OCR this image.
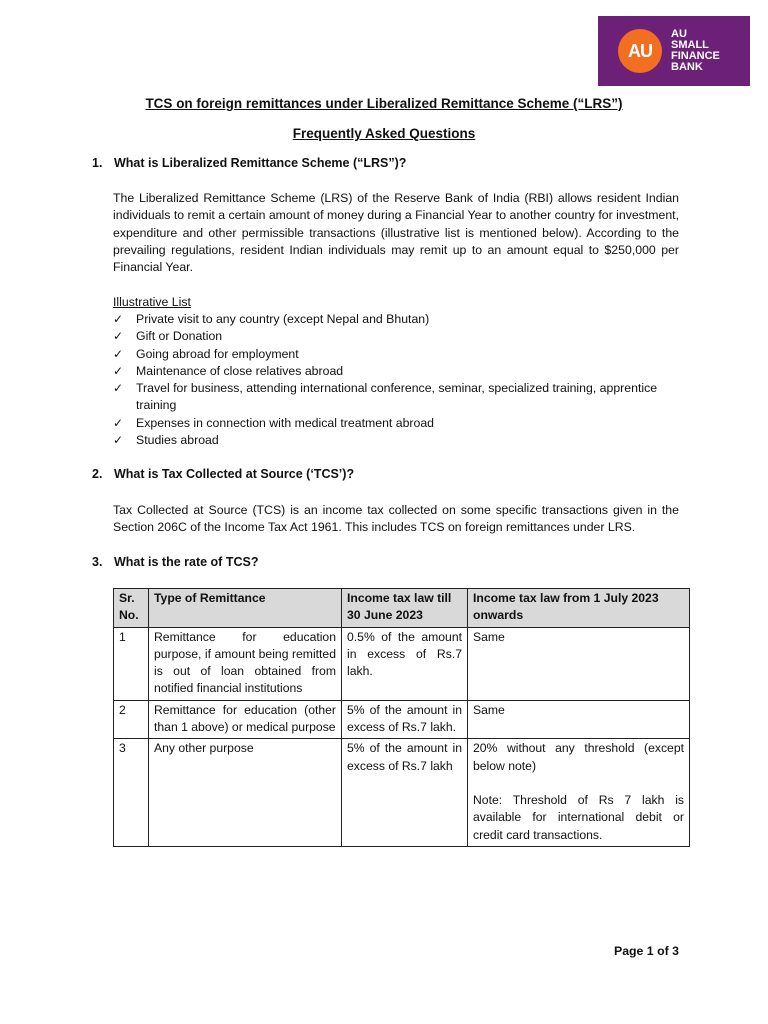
AU
AU
SMALL
FINANCE
BANK
TCS on foreign remittances under Liberalized Remittance Scheme (“LRS”)
Frequently Asked Questions
1. What is Liberalized Remittance Scheme (“LRS”)?
The Liberalized Remittance Scheme (LRS) of the Reserve Bank of India (RBI) allows resident Indian individuals to remit a certain amount of money during a Financial Year to another country for investment, expenditure and other permissible transactions (illustrative list is mentioned below). According to the prevailing regulations, resident Indian individuals may remit up to an amount equal to $250,000 per Financial Year.
Illustrative List
✓ Private visit to any country (except Nepal and Bhutan)
✓ Gift or Donation
✓ Going abroad for employment
✓ Maintenance of close relatives abroad
✓ Travel for business, attending international conference, seminar, specialized training, apprentice training
✓ Expenses in connection with medical treatment abroad
✓ Studies abroad
2. What is Tax Collected at Source (‘TCS’)?
Tax Collected at Source (TCS) is an income tax collected on some specific transactions given in the Section 206C of the Income Tax Act 1961. This includes TCS on foreign remittances under LRS.
3. What is the rate of TCS?
Sr. No.	Type of Remittance	Income tax law till 30 June 2023	Income tax law from 1 July 2023 onwards
1	Remittance for education purpose, if amount being remitted is out of loan obtained from notified financial institutions	0.5% of the amount in excess of Rs.7 lakh.	Same
2	Remittance for education (other than 1 above) or medical purpose	5% of the amount in excess of Rs.7 lakh.	Same
3	Any other purpose	5% of the amount in excess of Rs.7 lakh	20% without any threshold (except below note)
Note: Threshold of Rs 7 lakh is available for international debit or credit card transactions.
Page 1 of 3
